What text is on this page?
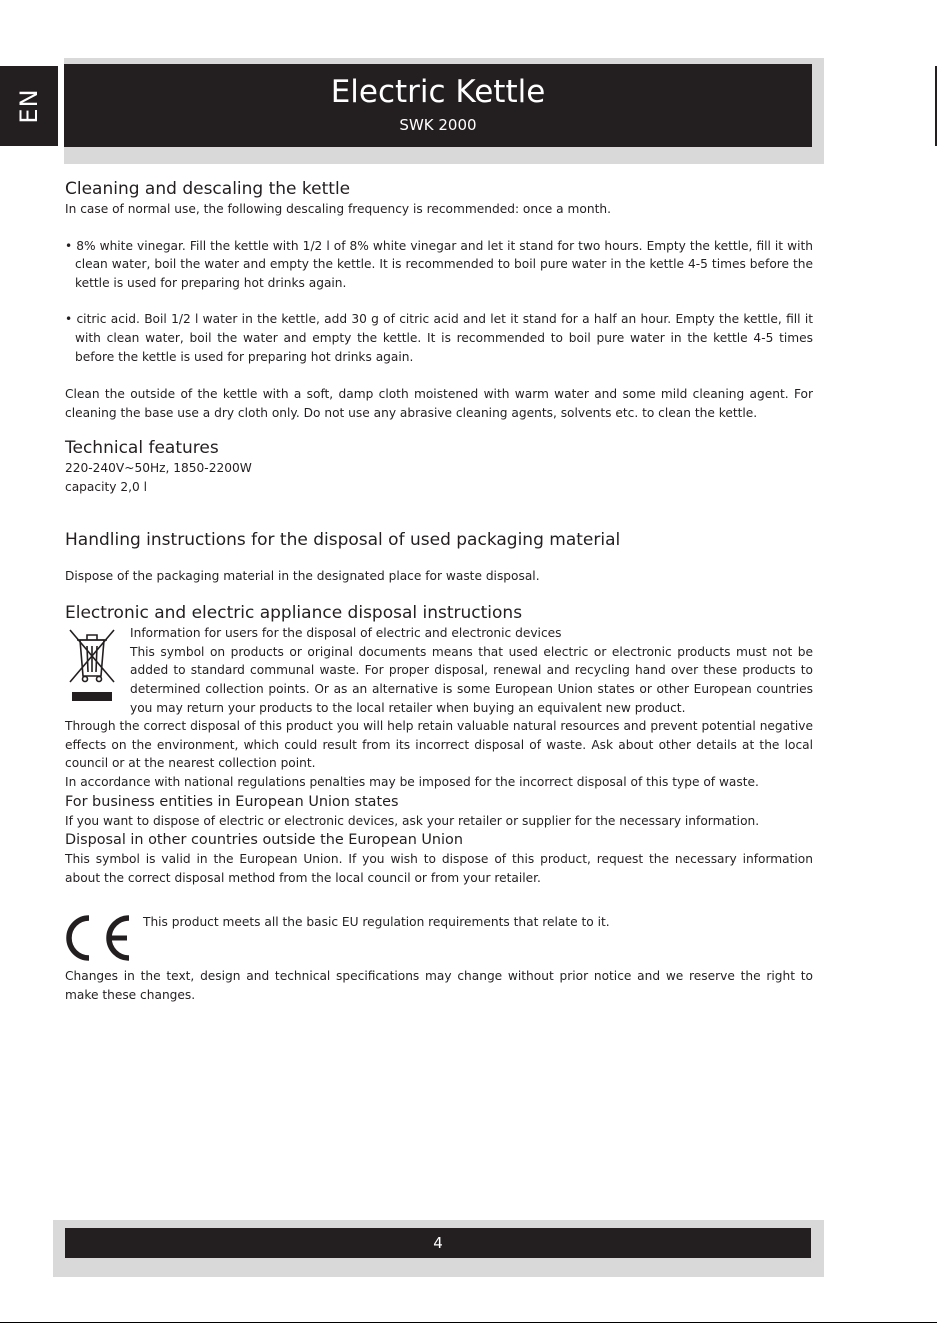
EN	Electric Kettle
SWK 2000
Cleaning and descaling the kettle

In case of normal use, the following descaling frequency is recommended: once a month.

• 8% white vinegar. Fill the kettle with 1/2 l of 8% white vinegar and let it stand for two hours. Empty the kettle, fill it with clean water, boil the water and empty the kettle. It is recommended to boil pure water in the kettle 4-5 times before the kettle is used for preparing hot drinks again.

• citric acid. Boil 1/2 l water in the kettle, add 30 g of citric acid and let it stand for a half an hour. Empty the kettle, fill it with clean water, boil the water and empty the kettle. It is recommended to boil pure water in the kettle 4-5 times before the kettle is used for preparing hot drinks again.

Clean the outside of the kettle with a soft, damp cloth moistened with warm water and some mild cleaning agent. For cleaning the base use a dry cloth only. Do not use any abrasive cleaning agents, solvents etc. to clean the kettle.

Technical features

220-240V~50Hz, 1850-2200W

capacity 2,0 l

Handling instructions for the disposal of used packaging material

Dispose of the packaging material in the designated place for waste disposal.

Electronic and electric appliance disposal instructions

Information for users for the disposal of electric and electronic devices

This symbol on products or original documents means that used electric or electronic products must not be added to standard communal waste. For proper disposal, renewal and recycling hand over these products to determined collection points. Or as an alternative is some European Union states or other European countries you may return your products to the local retailer when buying an equivalent new product.

Through the correct disposal of this product you will help retain valuable natural resources and prevent potential negative effects on the environment, which could result from its incorrect disposal of waste. Ask about other details at the local council or at the nearest collection point.

In accordance with national regulations penalties may be imposed for the incorrect disposal of this type of waste.

For business entities in European Union states

If you want to dispose of electric or electronic devices, ask your retailer or supplier for the necessary information.

Disposal in other countries outside the European Union

This symbol is valid in the European Union. If you wish to dispose of this product, request the necessary information about the correct disposal method from the local council or from your retailer.

This product meets all the basic EU regulation requirements that relate to it.

Changes in the text, design and technical specifications may change without prior notice and we reserve the right to make these changes.

4
